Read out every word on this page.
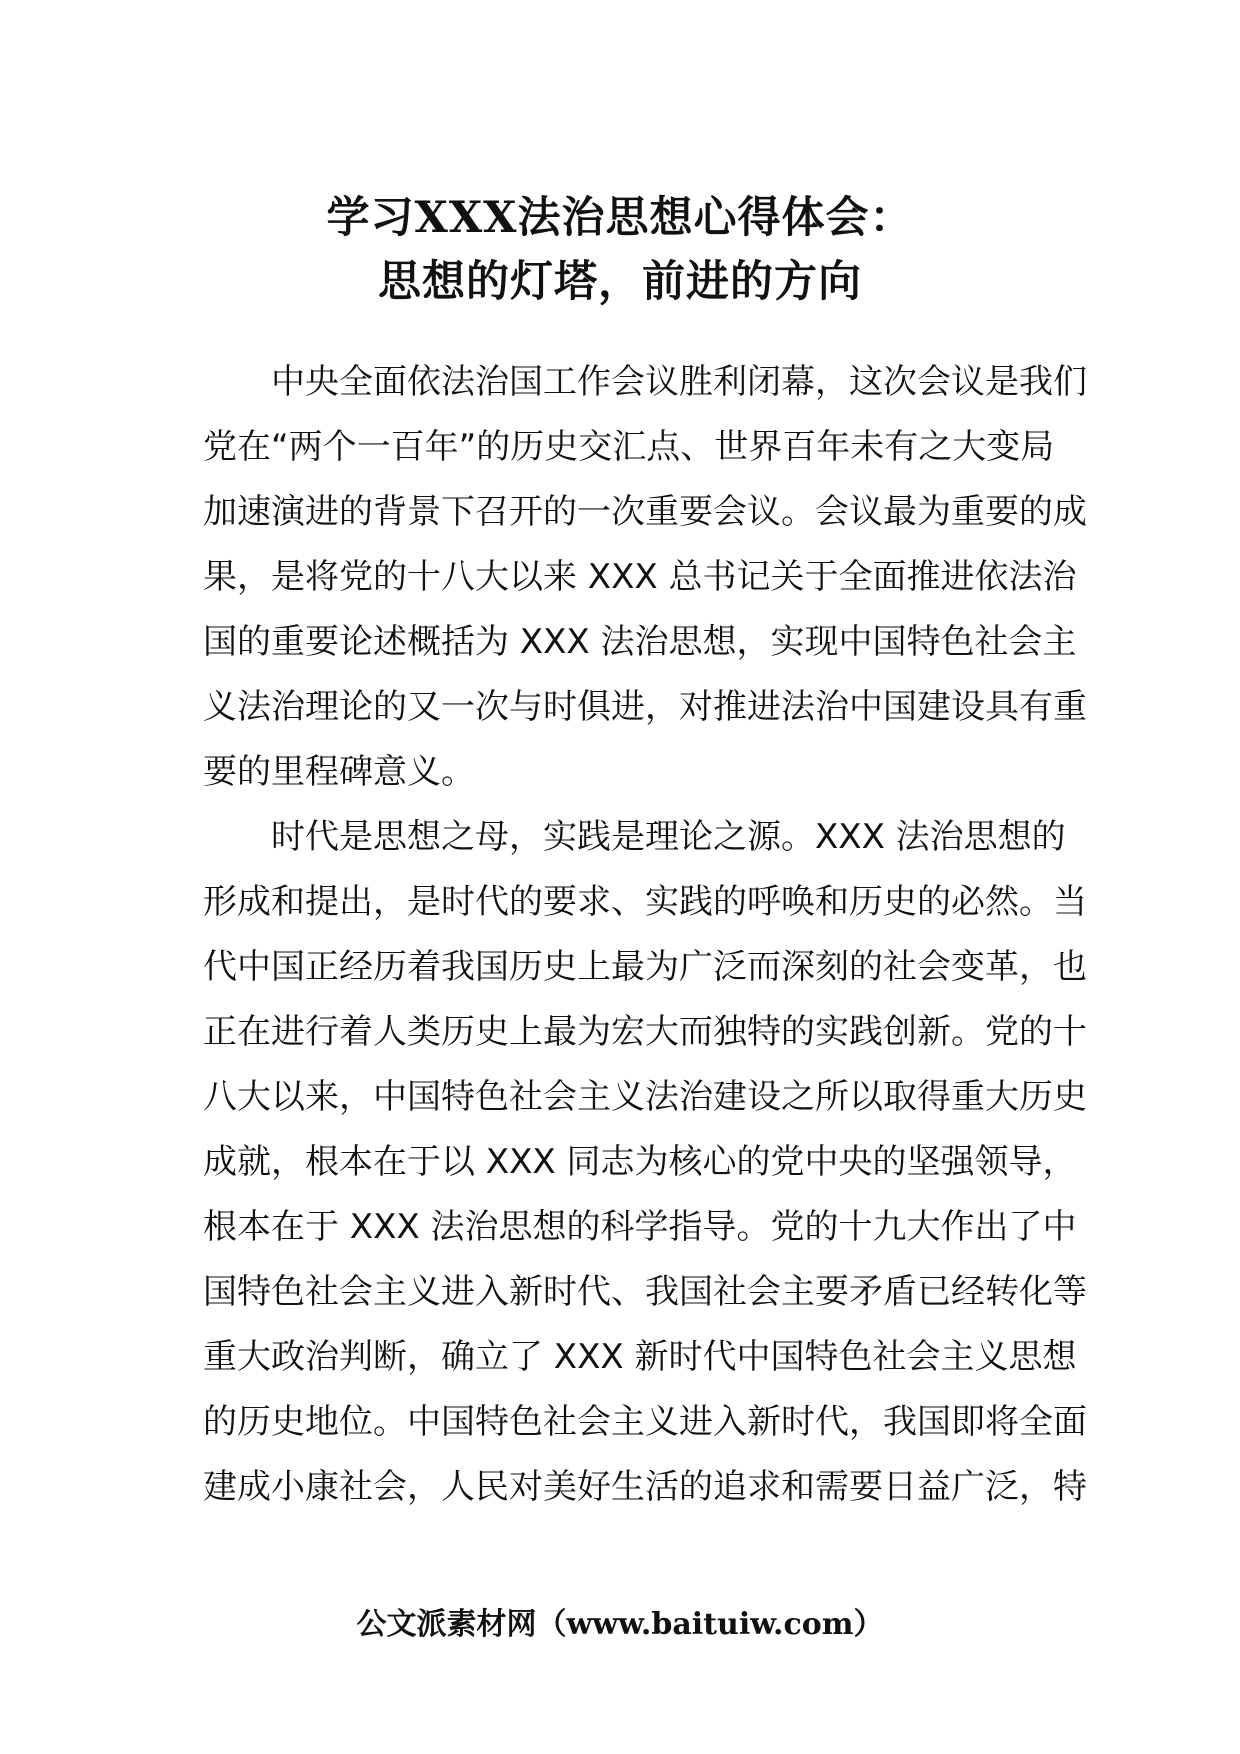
学习XXX法治思想心得体会：
思想的灯塔，前进的方向
中央全面依法治国工作会议胜利闭幕，这次会议是我们
党在“两个一百年”的历史交汇点、世界百年未有之大变局
加速演进的背景下召开的一次重要会议。会议最为重要的成
果，是将党的十八大以来 XXX 总书记关于全面推进依法治
国的重要论述概括为 XXX 法治思想，实现中国特色社会主
义法治理论的又一次与时俱进，对推进法治中国建设具有重
要的里程碑意义。
时代是思想之母，实践是理论之源。XXX 法治思想的
形成和提出，是时代的要求、实践的呼唤和历史的必然。当
代中国正经历着我国历史上最为广泛而深刻的社会变革，也
正在进行着人类历史上最为宏大而独特的实践创新。党的十
八大以来，中国特色社会主义法治建设之所以取得重大历史
成就，根本在于以 XXX 同志为核心的党中央的坚强领导，
根本在于 XXX 法治思想的科学指导。党的十九大作出了中
国特色社会主义进入新时代、我国社会主要矛盾已经转化等
重大政治判断，确立了 XXX 新时代中国特色社会主义思想
的历史地位。中国特色社会主义进入新时代，我国即将全面
建成小康社会，人民对美好生活的追求和需要日益广泛，特
公文派素材网（www.baituiw.com）
